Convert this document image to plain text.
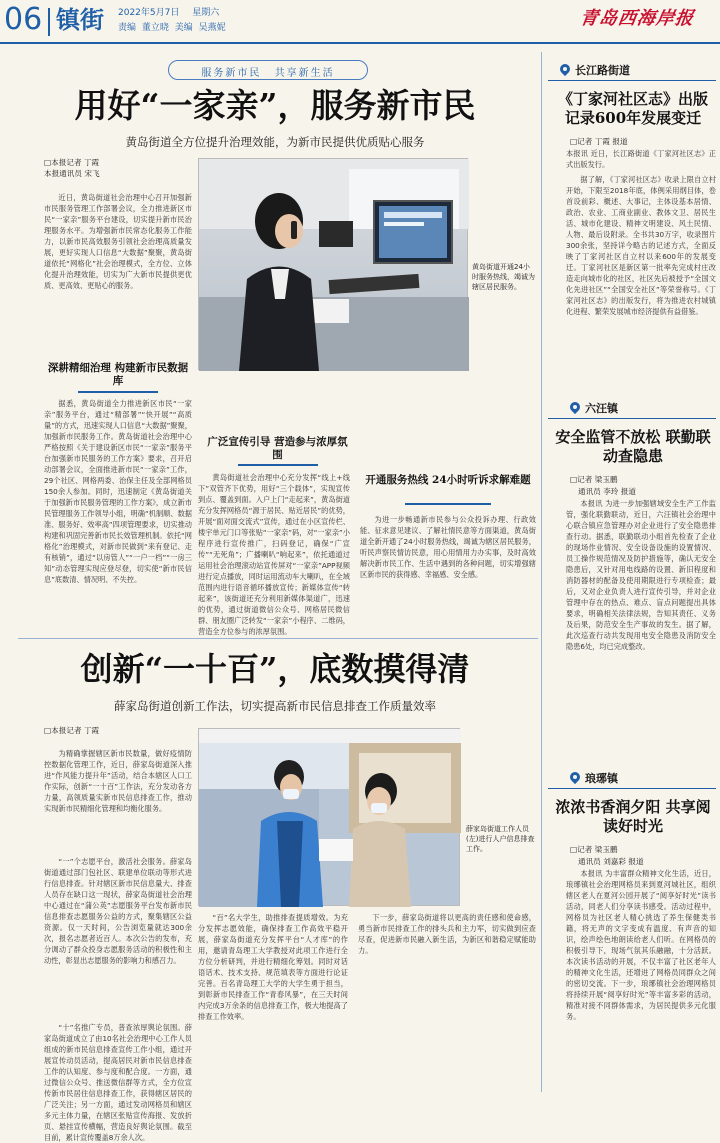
06 镇街 2022年5月7日 星期六
责编 董立晓 美编 吴燕妮	青岛西海岸报
服务新市民 共享新生活
用好“一家亲”，服务新市民
黄岛街道全方位提升治理效能，为新市民提供优质贴心服务
□本报记者 丁霞
本报通讯员 宋飞
近日，黄岛街道社会治理中心召开加强新市民服务管理工作部署会议，全力推进新区市民“一家亲”服务平台建设，切实提升新市民治理服务水平。为增强新市民常态化服务工作能力，以新市民高效服务引领社会治理高质量发展，更好实现人口信息“大数据”聚聚，黄岛街道依托“网格化”社会治理模式，全方位、立体化提升治理效能，切实为广大新市民提供更优质、更高效、更贴心的服务。
黄岛街道开通24小时服务热线，竭诚为辖区居民服务。
深耕精细治理 构建新市民数据库
据悉，黄岛街道全力推进新区市民“一家亲”服务平台，通过“精部署”“快开展”“高质量”的方式，迅速实现人口信息“大数据”聚聚，加强新市民服务工作。黄岛街道社会治理中心严格按照《关于建设新区市民“一家亲”服务平台加强新市民服务的工作方案》要求，召开启动部署会议，全面推进新市民“一家亲”工作，29个社区、网格两委、治保主任及全部网格员150余人参加。同时，迅速制定《黄岛街道关于加强新市民服务管理的工作方案》，成立新市民管理服务工作领导小组，明确“机制顺、数据准、服务好、效率高”四项管理要求，切实推动构建和巩固完善新市民长效管理机制。依托“网格化”治理模式，对新市民做到“来有登记、走有核销”，通过“以房管人”“一户一档”“一房三知”动态管理实现应登尽登，切实使“新市民信息”底数清、情况明、不失控。
广泛宣传引导 营造参与浓厚氛围
黄岛街道社会治理中心充分发挥“线上+线下”双管齐下优势，用好“三个载体”，实现宣传到点、覆盖到面。入户上门“走起来”，黄岛街道充分发挥网格员“源于居民、贴近居民”的优势，开展“面对面交流式”宣传，通过在小区宣传栏、楼宇单元门口等张贴“一家亲”码，对“一家亲”小程序进行宣传推广，扫码登记，确保“广宣传”“无死角”；广播喇叭“响起来”，依托通道过运用社会治理滚动站宣传屏对“一家亲”APP视频进行定点播放，同时运用流动车大喇叭，在全域范围内进行语音循环播放宣传；新媒体宣传“转起来”，该街道还充分利用新媒体渠道广，迅速的优势，通过街道微信公众号、网格居民微信群、朋友圈广泛转发“一家亲”小程序、二维码，营造全方位参与的浓厚氛围。
开通服务热线 24小时听诉求解难题
为进一步畅通新市民参与公众投诉办理、行政效能、征求意见建议、了解社情民意等方面渠道，黄岛街道全新开通了24小时服务热线，竭诚为辖区居民服务，听民声察民情访民意，用心用情用力办实事，及时高效解决新市民工作、生活中遇到的各种问题，切实增强辖区新市民的获得感、幸福感、安全感。
创新“一十百”，底数摸得清
薛家岛街道创新工作法，切实提高新市民信息排查工作质量效率
□本报记者 丁霞
为精确掌握辖区新市民数量，做好疫情防控数据化管理工作，近日，薛家岛街道深入推进“作风能力提升年”活动，结合本辖区人口工作实际，创新“一十百”工作法，充分发动各方力量，高领质量实新市民信息排查工作，推动实现新市民精细化管理和均衡化服务。
“一”个志愿平台，激活社会服务。薛家岛街道通过部门包社区、联建单位联动等形式进行信息排查。针对辖区新市民信息量大、排查人员存在缺口这一现状，薛家岛街道社会治理中心通过在“蒲公英”志愿服务平台发布新市民信息排查志愿服务公益的方式，聚集辖区公益资源。仅一天时间，公告浏览量就达300余次，报名志愿者近百人。本次公告的发布，充分调动了群众投身志愿服务活动的积极性和主动性，彰显出志愿服务的影响力和感召力。
“十”名推广专员，普查浓厚舆论氛围。薛家岛街道成立了由10名社会治理中心工作人员组成的新市民信息排查宣传工作小组，通过开展宣传动员活动，提高居民对新市民信息排查工作的认知度、参与度和配合度。一方面，通过微信公众号、推送微信群等方式，全方位宣传新市民居住信息排查工作，获得辖区居民的广泛关注；另一方面，通过发动网格员和辖区多元主体力量，在辖区张贴宣传海报、发放折页、悬挂宣传横幅，营造良好舆论氛围。截至目前，累计宣传覆盖8万余人次。
薛家岛街道工作人员(左)进行人户信息排查工作。
“百”名大学生，助推排查提质增效。为充分发挥志愿效能，确保排查工作高效平稳开展，薛家岛街道充分发挥平台“人才库”的作用，邀请青岛理工大学教授对此项工作进行全方位分析研判，并进行精细化筹划。同时对话语话术、技术支持、规范填表等方面进行论证完善。百名青岛理工大学的大学生勇于担当，到彰新市民排查工作“青春风暴”，在三天时间内完成3万余条的信息排查工作，极大地提高了排查工作效率。
下一步，薛家岛街道将以更高的责任感和使命感，勇当新市民排查工作的排头兵和主力军，切实做到应查尽查，促进新市民融入新生活，为新区和谐稳定赋能助力。
长江路街道
《丁家河社区志》出版 记录600年发展变迁
□记者 丁霞 报道
本报讯 近日，长江路街道《丁家河社区志》正式出版发行。
据了解，《丁家河社区志》收录上限自立村开始，下限至2018年底，体例采用纲目体，卷首设前彩、概述、大事记，主体设基本居情、政治、农业、工商业副业、教体文卫、居民生活、城市化建设、精神文明建设、风土民情、人物、最后设附录。全书共30万字，收录图片300余张，坚持详今略古的记述方式，全面反映了丁家河社区自立村以来600年的发展变迁。丁家河社区是新区第一批率先完成村庄改造走向城市化的社区，社区先后被授予“全国文化先进社区”“全国安全社区”等荣誉称号。《丁家河社区志》的出版发行，将为推进农村城镇化进程、繁荣发展城市经济提供有益借鉴。
六汪镇
安全监管不放松 联勤联动查隐患
□记者 梁玉鹏
通讯员 李玲 报道
本报讯 为进一步加强辖域安全生产工作监管，强化联勤联动，近日，六汪镇社会治理中心联合镇应急管理办对企业进行了安全隐患排查行动。据悉，联勤联动小组首先检查了企业的现场作业情况、安全设备设施的设置情况、员工操作规范情况及防护措施等，确认无安全隐患后，又针对用电线路的设置、新旧程度和消防器材的配备及使用期限进行专项检查；最后，又对企业负责人进行宣传引导，并对企业管理中存在的热点、难点、盲点问题提出具体要求，明确相关法律法规，告知其责任、义务及后果，防范安全生产事故的发生。据了解，此次巡查行动共发现用电安全隐患及消防安全隐患6处，均已完成整改。
琅琊镇
浓浓书香润夕阳 共享阅读好时光
□记者 梁玉鹏
通讯员 刘嘉彩 报道
本报讯 为丰富群众精神文化生活，近日，琅琊镇社会治理网格员来到夏河城社区，组织辖区老人在夏河公园开展了“阅享好时光”读书活动，同老人们分享读书感受。活动过程中，网格员为社区老人精心挑选了养生保健类书籍，将无声的文字变成有温度、有声音的知识，绘声绘色地朗读给老人们听。在网格员的积极引导下，现场气氛其乐融融，十分活跃。本次读书活动的开展，不仅丰富了社区老年人的精神文化生活，还增进了网格员同群众之间的密切交流。下一步，琅琊镇社会治理网格员将持续开展“阅享好时光”等丰富多彩的活动，精准对接不同群体需求，为居民提供多元化服务。
